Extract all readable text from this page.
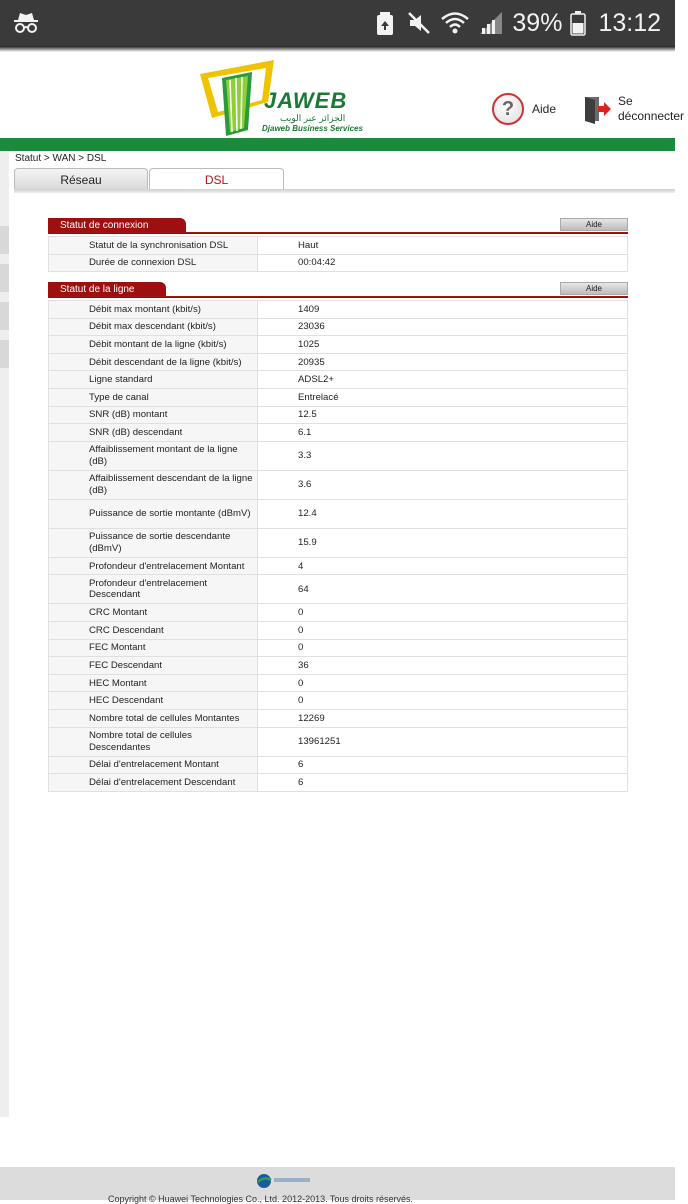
39% 13:12
JAWEB
الجزائر عبر الويب
Djaweb Business Services
?	Aide
Se déconnecter
Statut > WAN > DSL
Réseau	DSL
Statut de connexion	Aide
Statut de la synchronisation DSL	Haut
Durée de connexion DSL	00:04:42
Statut de la ligne	Aide
Débit max montant (kbit/s)	1409
Débit max descendant (kbit/s)	23036
Débit montant de la ligne (kbit/s)	1025
Débit descendant de la ligne (kbit/s)	20935
Ligne standard	ADSL2+
Type de canal	Entrelacé
SNR (dB) montant	12.5
SNR (dB) descendant	6.1
Affaiblissement montant de la ligne (dB)	3.3
Affaiblissement descendant de la ligne (dB)	3.6
Puissance de sortie montante (dBmV)	12.4
Puissance de sortie descendante (dBmV)	15.9
Profondeur d'entrelacement Montant	4
Profondeur d'entrelacement Descendant	64
CRC Montant	0
CRC Descendant	0
FEC Montant	0
FEC Descendant	36
HEC Montant	0
HEC Descendant	0
Nombre total de cellules Montantes	12269
Nombre total de cellules Descendantes	13961251
Délai d'entrelacement Montant	6
Délai d'entrelacement Descendant	6
Copyright © Huawei Technologies Co., Ltd. 2012-2013. Tous droits réservés.
